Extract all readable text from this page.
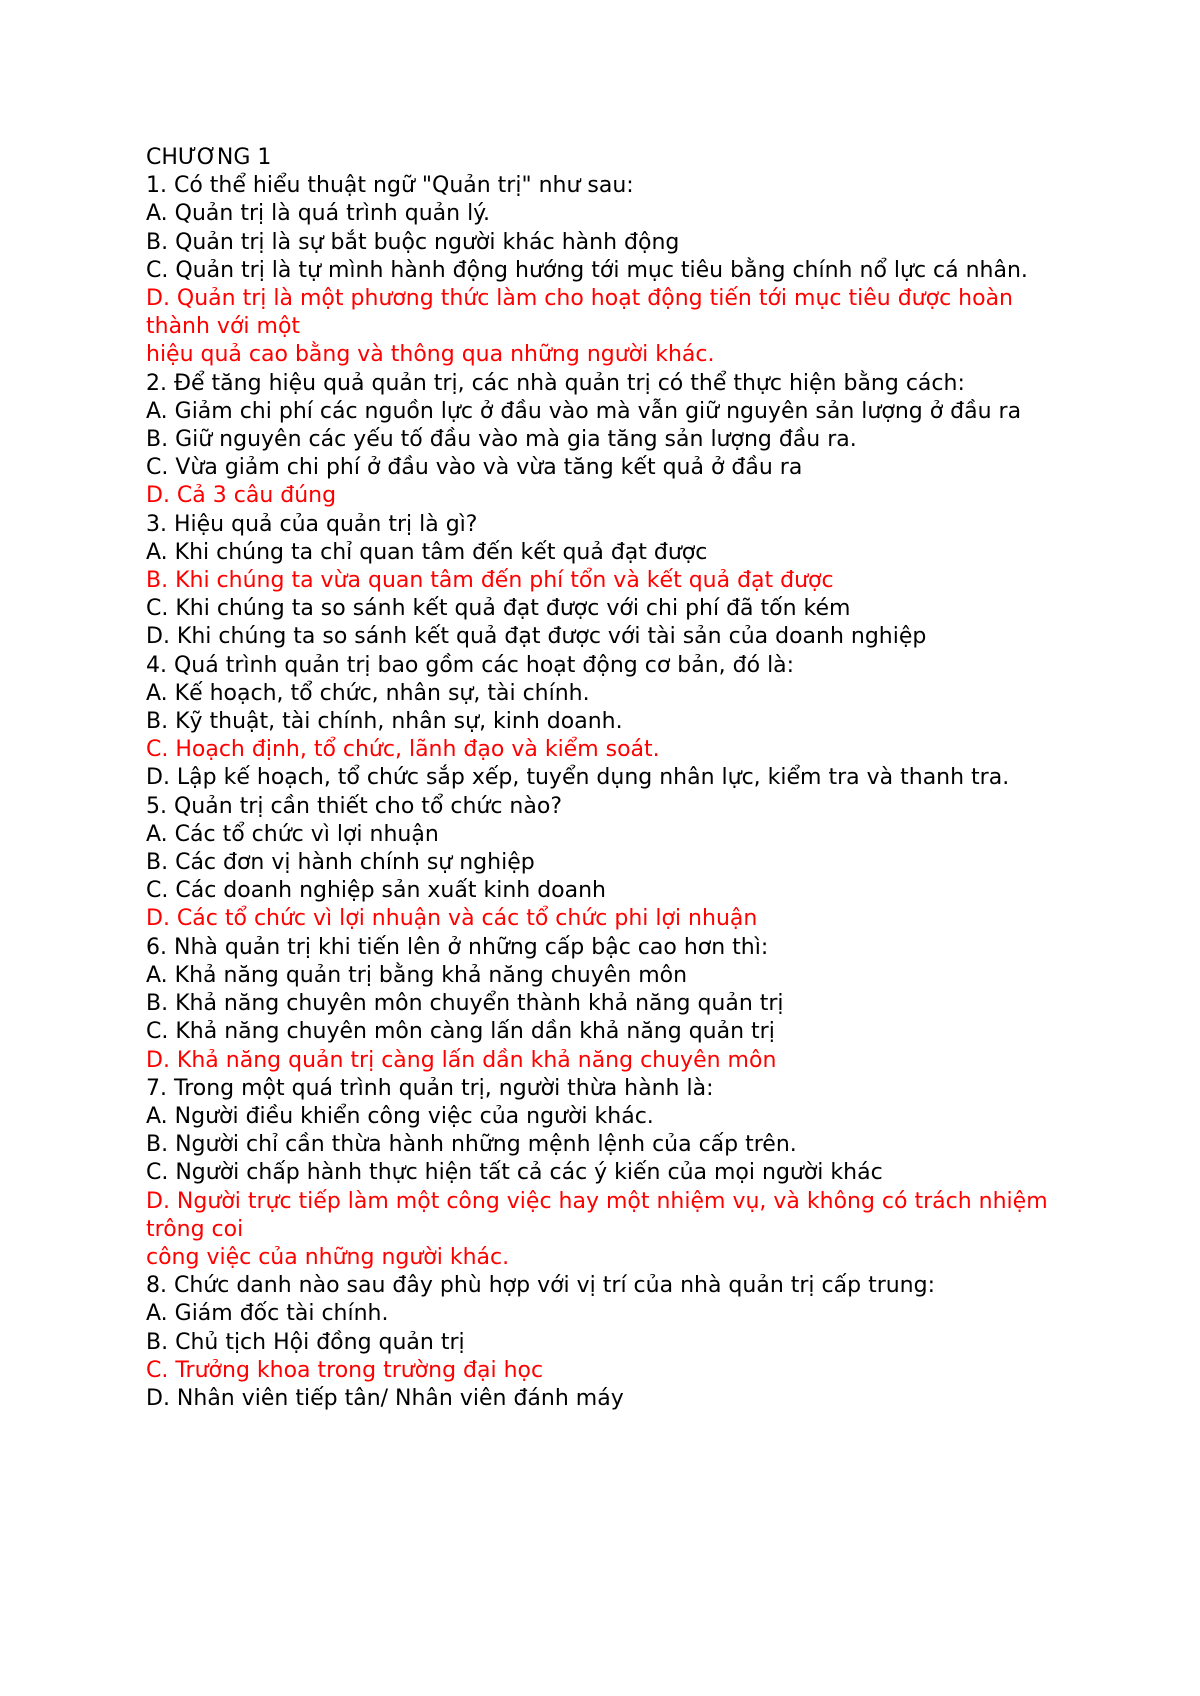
CHƯƠNG 1

1. Có thể hiểu thuật ngữ "Quản trị" như sau:

A. Quản trị là quá trình quản lý.

B. Quản trị là sự bắt buộc người khác hành động

C. Quản trị là tự mình hành động hướng tới mục tiêu bằng chính nổ lực cá nhân.

D. Quản trị là một phương thức làm cho hoạt động tiến tới mục tiêu được hoàn thành với một

hiệu quả cao bằng và thông qua những người khác.

2. Để tăng hiệu quả quản trị, các nhà quản trị có thể thực hiện bằng cách:

A. Giảm chi phí các nguồn lực ở đầu vào mà vẫn giữ nguyên sản lượng ở đầu ra

B. Giữ nguyên các yếu tố đầu vào mà gia tăng sản lượng đầu ra.

C. Vừa giảm chi phí ở đầu vào và vừa tăng kết quả ở đầu ra

D. Cả 3 câu đúng

3. Hiệu quả của quản trị là gì?

A. Khi chúng ta chỉ quan tâm đến kết quả đạt được

B. Khi chúng ta vừa quan tâm đến phí tổn và kết quả đạt được

C. Khi chúng ta so sánh kết quả đạt được với chi phí đã tốn kém

D. Khi chúng ta so sánh kết quả đạt được với tài sản của doanh nghiệp

4. Quá trình quản trị bao gồm các hoạt động cơ bản, đó là:

A. Kế hoạch, tổ chức, nhân sự, tài chính.

B. Kỹ thuật, tài chính, nhân sự, kinh doanh.

C. Hoạch định, tổ chức, lãnh đạo và kiểm soát.

D. Lập kế hoạch, tổ chức sắp xếp, tuyển dụng nhân lực, kiểm tra và thanh tra.

5. Quản trị cần thiết cho tổ chức nào?

A. Các tổ chức vì lợi nhuận

B. Các đơn vị hành chính sự nghiệp

C. Các doanh nghiệp sản xuất kinh doanh

D. Các tổ chức vì lợi nhuận và các tổ chức phi lợi nhuận

6. Nhà quản trị khi tiến lên ở những cấp bậc cao hơn thì:

A. Khả năng quản trị bằng khả năng chuyên môn

B. Khả năng chuyên môn chuyển thành khả năng quản trị

C. Khả năng chuyên môn càng lấn dần khả năng quản trị

D. Khả năng quản trị càng lấn dần khả năng chuyên môn

7. Trong một quá trình quản trị, người thừa hành là:

A. Người điều khiển công việc của người khác.

B. Người chỉ cần thừa hành những mệnh lệnh của cấp trên.

C. Người chấp hành thực hiện tất cả các ý kiến của mọi người khác

D. Người trực tiếp làm một công việc hay một nhiệm vụ, và không có trách nhiệm trông coi

công việc của những người khác.

8. Chức danh nào sau đây phù hợp với vị trí của nhà quản trị cấp trung:

A. Giám đốc tài chính.

B. Chủ tịch Hội đồng quản trị

C. Trưởng khoa trong trường đại học

D. Nhân viên tiếp tân/ Nhân viên đánh máy
